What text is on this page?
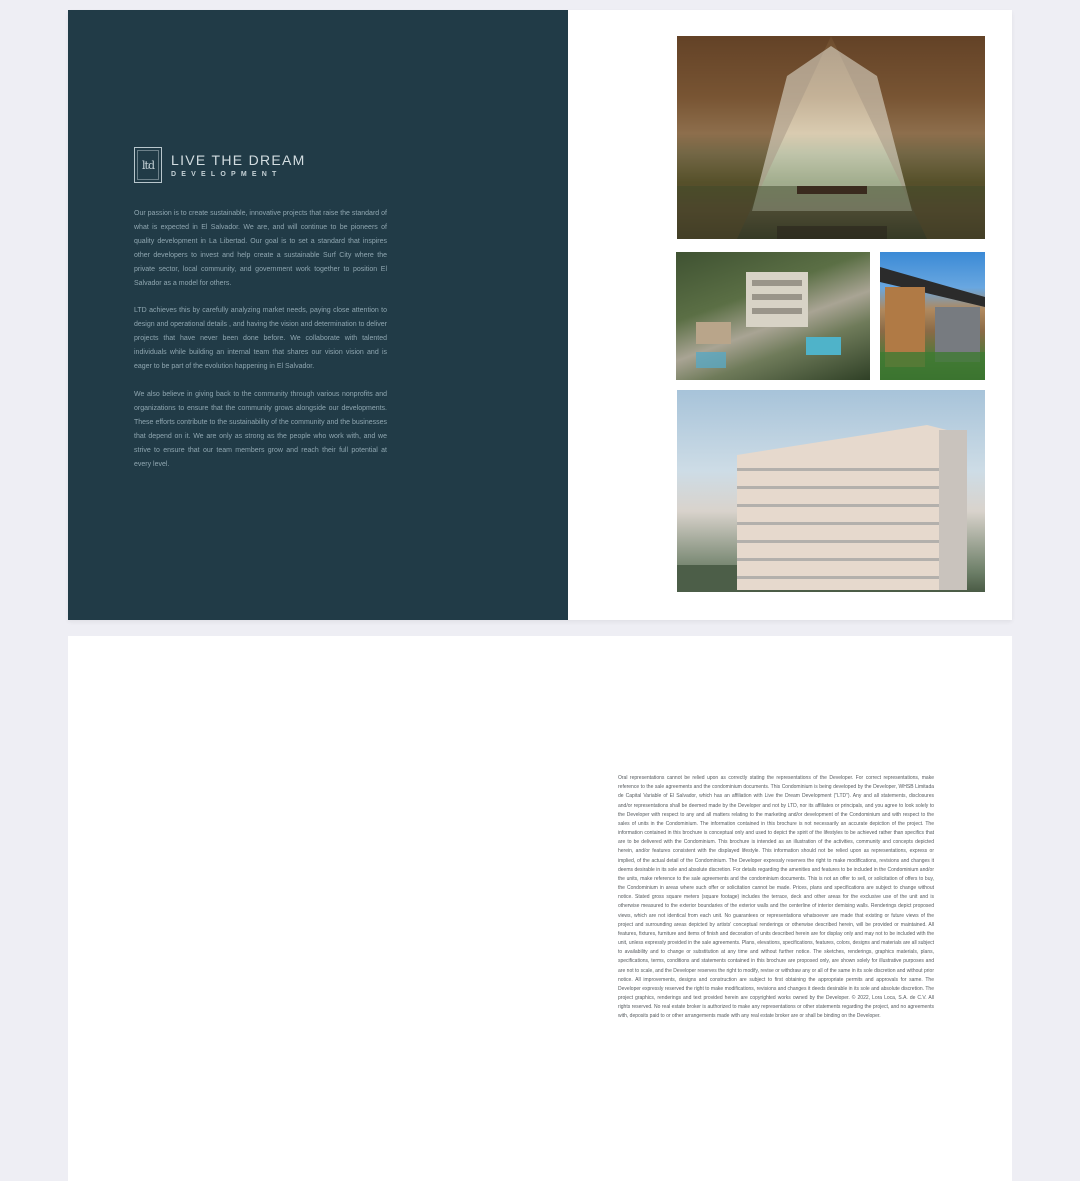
ltd LIVE THE DREAM
DEVELOPMENT

Our passion is to create sustainable, innovative projects that raise the standard of what is expected in El Salvador. We are, and will continue to be pioneers of quality development in La Libertad. Our goal is to set a standard that inspires other developers to invest and help create a sustainable Surf City where the private sector, local community, and government work together to position El Salvador as a model for others.

LTD achieves this by carefully analyzing market needs, paying close attention to design and operational details , and having the vision and determination to deliver projects that have never been done before. We collaborate with talented individuals while building an internal team that shares our vision vision and is eager to be part of the evolution happening in El Salvador.

We also believe in giving back to the community through various nonprofits and organizations to ensure that the community grows alongside our developments. These efforts contribute to the sustainability of the community and the businesses that depend on it. We are only as strong as the people who work with, and we strive to ensure that our team members grow and reach their full potential at every level.

Oral representations cannot be relied upon as correctly stating the representations of the Developer. For correct representations, make reference to the sale agreements and the condominium documents. This Condominium is being developed by the Developer, WHSB Limitada de Capital Variable of El Salvador, which has an affiliation with Live the Dream Development ("LTD"). Any and all statements, disclosures and/or representations shall be deemed made by the Developer and not by LTD, nor its affiliates or principals, and you agree to look solely to the Developer with respect to any and all matters relating to the marketing and/or development of the Condominium and with respect to the sales of units in the Condominium. The information contained in this brochure is not necessarily an accurate depiction of the project. The information contained in this brochure is conceptual only and used to depict the spirit of the lifestyles to be achieved rather than specifics that are to be delivered with the Condominium. This brochure is intended as an illustration of the activities, community and concepts depicted herein, and/or features consistent with the displayed lifestyle. This information should not be relied upon as representations, express or implied, of the actual detail of the Condominium. The Developer expressly reserves the right to make modifications, revisions and changes it deems desirable in its sole and absolute discretion. For details regarding the amenities and features to be included in the Condominium and/or the units, make reference to the sale agreements and the condominium documents. This is not an offer to sell, or solicitation of offers to buy, the Condominium in areas where such offer or solicitation cannot be made. Prices, plans and specifications are subject to change without notice. Stated gross square meters (square footage) includes the terrace, deck and other areas for the exclusive use of the unit and is otherwise measured to the exterior boundaries of the exterior walls and the centerline of interior demising walls. Renderings depict proposed views, which are not identical from each unit. No guarantees or representations whatsoever are made that existing or future views of the project and surrounding areas depicted by artists' conceptual renderings or otherwise described herein, will be provided or maintained. All features, fixtures, furniture and items of finish and decoration of units described herein are for display only and may not to be included with the unit, unless expressly provided in the sale agreements. Plans, elevations, specifications, features, colors, designs and materials are all subject to availability and to change or substitution at any time and without further notice. The sketches, renderings, graphics materials, plans, specifications, terms, conditions and statements contained in this brochure are proposed only, are shown solely for illustrative purposes and are not to scale, and the Developer reserves the right to modify, revise or withdraw any or all of the same in its sole discretion and without prior notice. All improvements, designs and construction are subject to first obtaining the appropriate permits and approvals for same. The Developer expressly reserved the right to make modifications, revisions and changes it deeds desirable in its sole and absolute discretion. The project graphics, renderings and text provided herein are copyrighted works owned by the Developer. © 2022, Lora Loca, S.A. de C.V. All rights reserved. No real estate broker is authorized to make any representations or other statements regarding the project, and no agreements with, deposits paid to or other arrangements made with any real estate broker are or shall be binding on the Developer.
